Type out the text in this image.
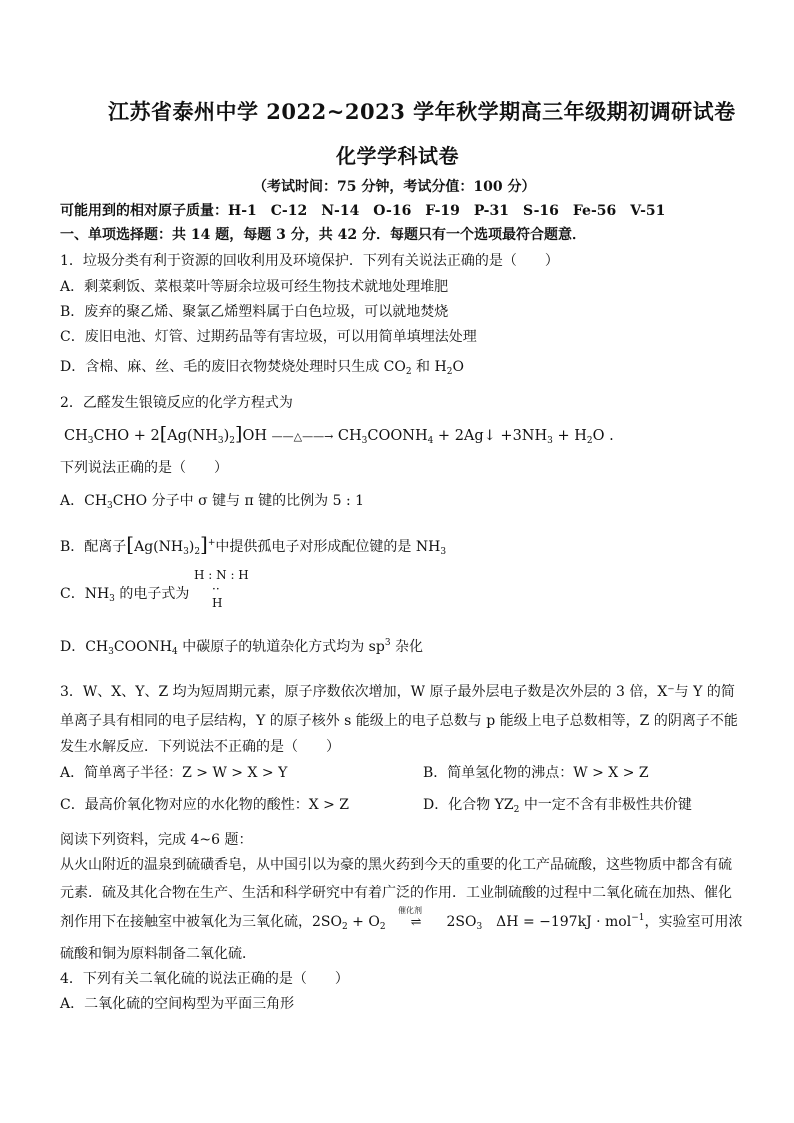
江苏省泰州中学 2022~2023 学年秋学期高三年级期初调研试卷
化学学科试卷
（考试时间：75 分钟，考试分值：100 分）
可能用到的相对原子质量：H-1　C-12　N-14　O-16　F-19　P-31　S-16　Fe-56　V-51
一、单项选择题：共 14 题，每题 3 分，共 42 分．每题只有一个选项最符合题意．
1．垃圾分类有利于资源的回收利用及环境保护．下列有关说法正确的是（　　）
A．剩菜剩饭、菜根菜叶等厨余垃圾可经生物技术就地处理堆肥
B．废弃的聚乙烯、聚氯乙烯塑料属于白色垃圾，可以就地焚烧
C．废旧电池、灯管、过期药品等有害垃圾，可以用简单填埋法处理
D．含棉、麻、丝、毛的废旧衣物焚烧处理时只生成 $CO_2$ 和 $H_2O$
2．乙醛发生银镜反应的化学方程式为
$CH_3CHO + 2[Ag(NH_3)_2]OH$ ——△——→ $CH_3COONH_4$ + 2Ag↓ $+3NH_3 + H_2O$ .
下列说法正确的是（　　）
A．$CH_3CHO$ 分子中 σ 键与 π 键的比例为 5 : 1
B．配离子$[Ag(NH_3)_2]^+$中提供孤电子对形成配位键的是 $NH_3$
C．$NH_3$ 的电子式为
H : N : H
··
H
D．$CH_3COONH_4$ 中碳原子的轨道杂化方式均为 $sp^3$ 杂化
3．W、X、Y、Z 均为短周期元素，原子序数依次增加，W 原子最外层电子数是次外层的 3 倍，X⁻与 Y 的简
单离子具有相同的电子层结构，Y 的原子核外 s 能级上的电子总数与 p 能级上电子总数相等，Z 的阴离子不能
发生水解反应．下列说法不正确的是（　　）
A．简单离子半径：Z > W > X > Y	B．简单氢化物的沸点：W > X > Z
C．最高价氧化物对应的水化物的酸性：X > Z	D．化合物 $YZ_2$ 中一定不含有非极性共价键
阅读下列资料，完成 4~6 题：
从火山附近的温泉到硫磺香皂，从中国引以为豪的黑火药到今天的重要的化工产品硫酸，这些物质中都含有硫
元素．硫及其化合物在生产、生活和科学研究中有着广泛的作用．工业制硫酸的过程中二氧化硫在加热、催化
剂作用下在接触室中被氧化为三氧化硫，$2SO_2 + O_2$
催化剂
⇌ $2SO_3$　ΔH = −197kJ · mol$^{-1}$，实验室可用浓
硫酸和铜为原料制备二氧化硫．
4．下列有关二氧化硫的说法正确的是（　　）
A．二氧化硫的空间构型为平面三角形
